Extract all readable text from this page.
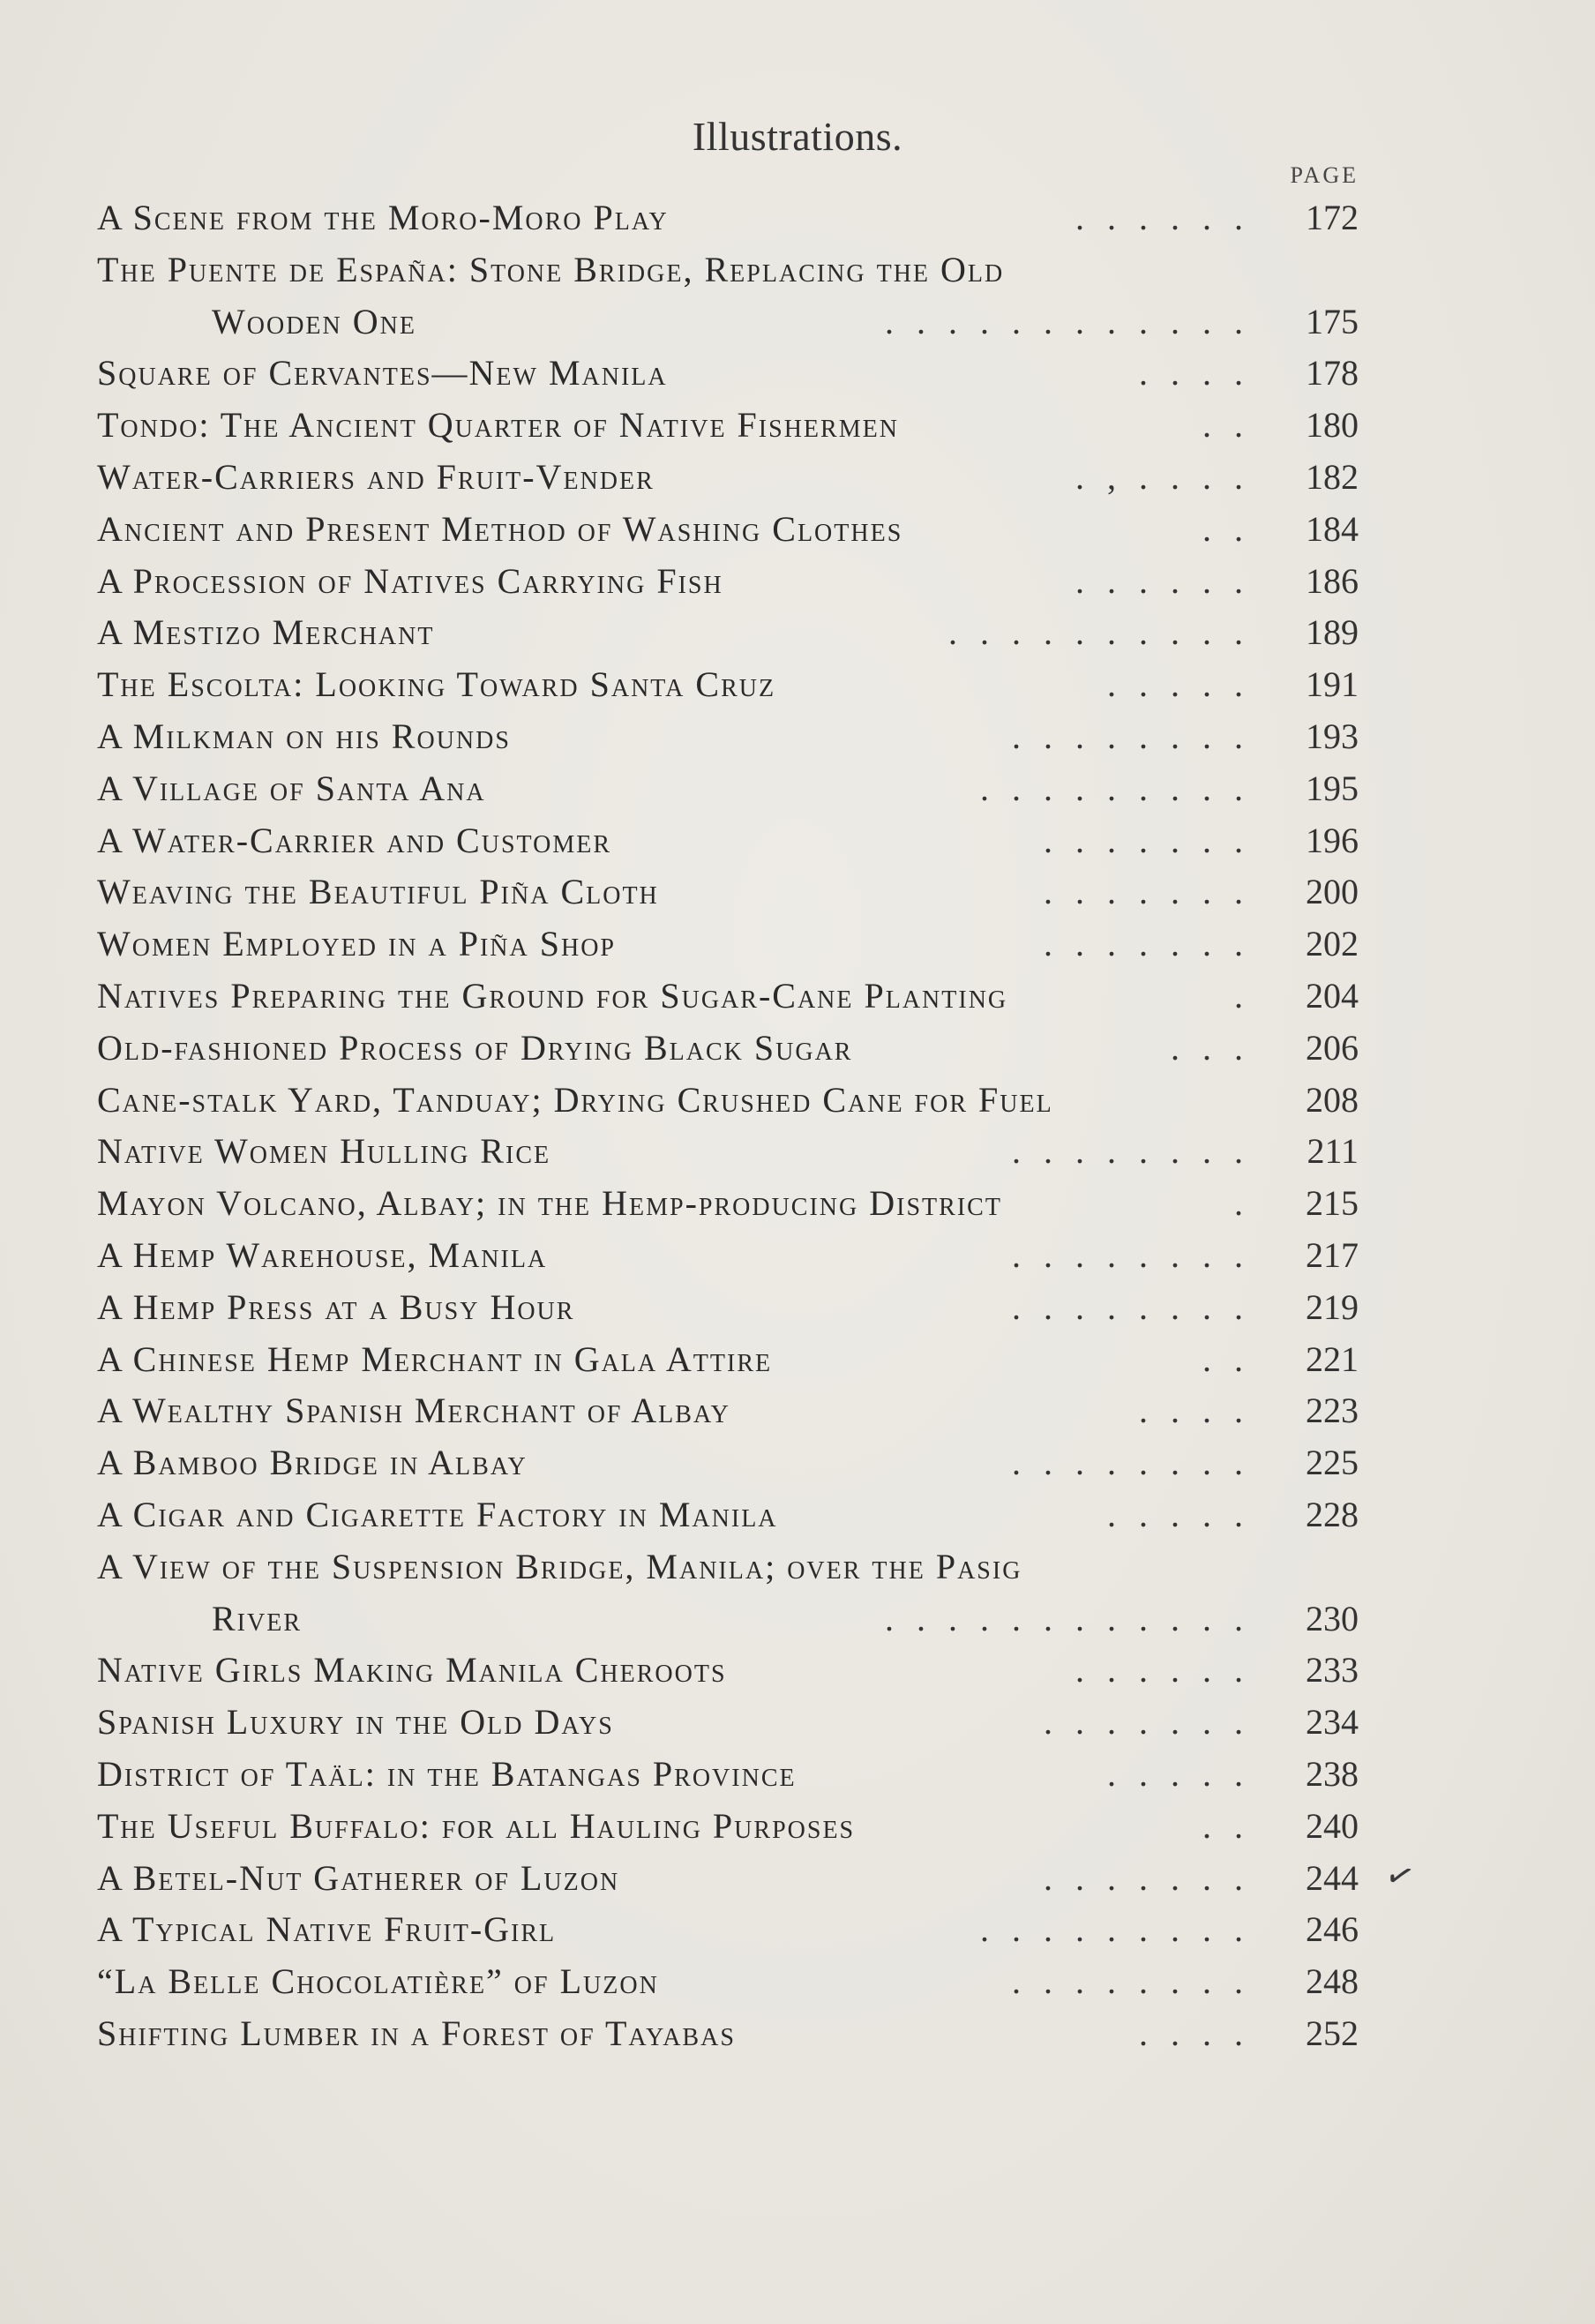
Illustrations.
PAGE
A Scene from the Moro-Moro Play	......	172
The Puente de España: Stone Bridge, Replacing the Old
Wooden One	............	175
Square of Cervantes—New Manila	....	178
Tondo: The Ancient Quarter of Native Fishermen	..	180
Water-Carriers and Fruit-Vender	.,....	182
Ancient and Present Method of Washing Clothes	..	184
A Procession of Natives Carrying Fish	......	186
A Mestizo Merchant	..........	189
The Escolta: Looking Toward Santa Cruz	.....	191
A Milkman on his Rounds	........	193
A Village of Santa Ana	.........	195
A Water-Carrier and Customer	.......	196
Weaving the Beautiful Piña Cloth	.......	200
Women Employed in a Piña Shop	.......	202
Natives Preparing the Ground for Sugar-Cane Planting	.	204
Old-fashioned Process of Drying Black Sugar	...	206
Cane-stalk Yard, Tanduay; Drying Crushed Cane for Fuel	208
Native Women Hulling Rice	........	211
Mayon Volcano, Albay; in the Hemp-producing District	.	215
A Hemp Warehouse, Manila	........	217
A Hemp Press at a Busy Hour	........	219
A Chinese Hemp Merchant in Gala Attire	..	221
A Wealthy Spanish Merchant of Albay	....	223
A Bamboo Bridge in Albay	........	225
A Cigar and Cigarette Factory in Manila	.....	228
A View of the Suspension Bridge, Manila; over the Pasig
River	............	230
Native Girls Making Manila Cheroots	......	233
Spanish Luxury in the Old Days	.......	234
District of Taäl: in the Batangas Province	.....	238
The Useful Buffalo: for all Hauling Purposes	..	240
A Betel-Nut Gatherer of Luzon	.......	244
A Typical Native Fruit-Girl	.........	246
“La Belle Chocolatière” of Luzon	........	248
Shifting Lumber in a Forest of Tayabas	....	252
✓
